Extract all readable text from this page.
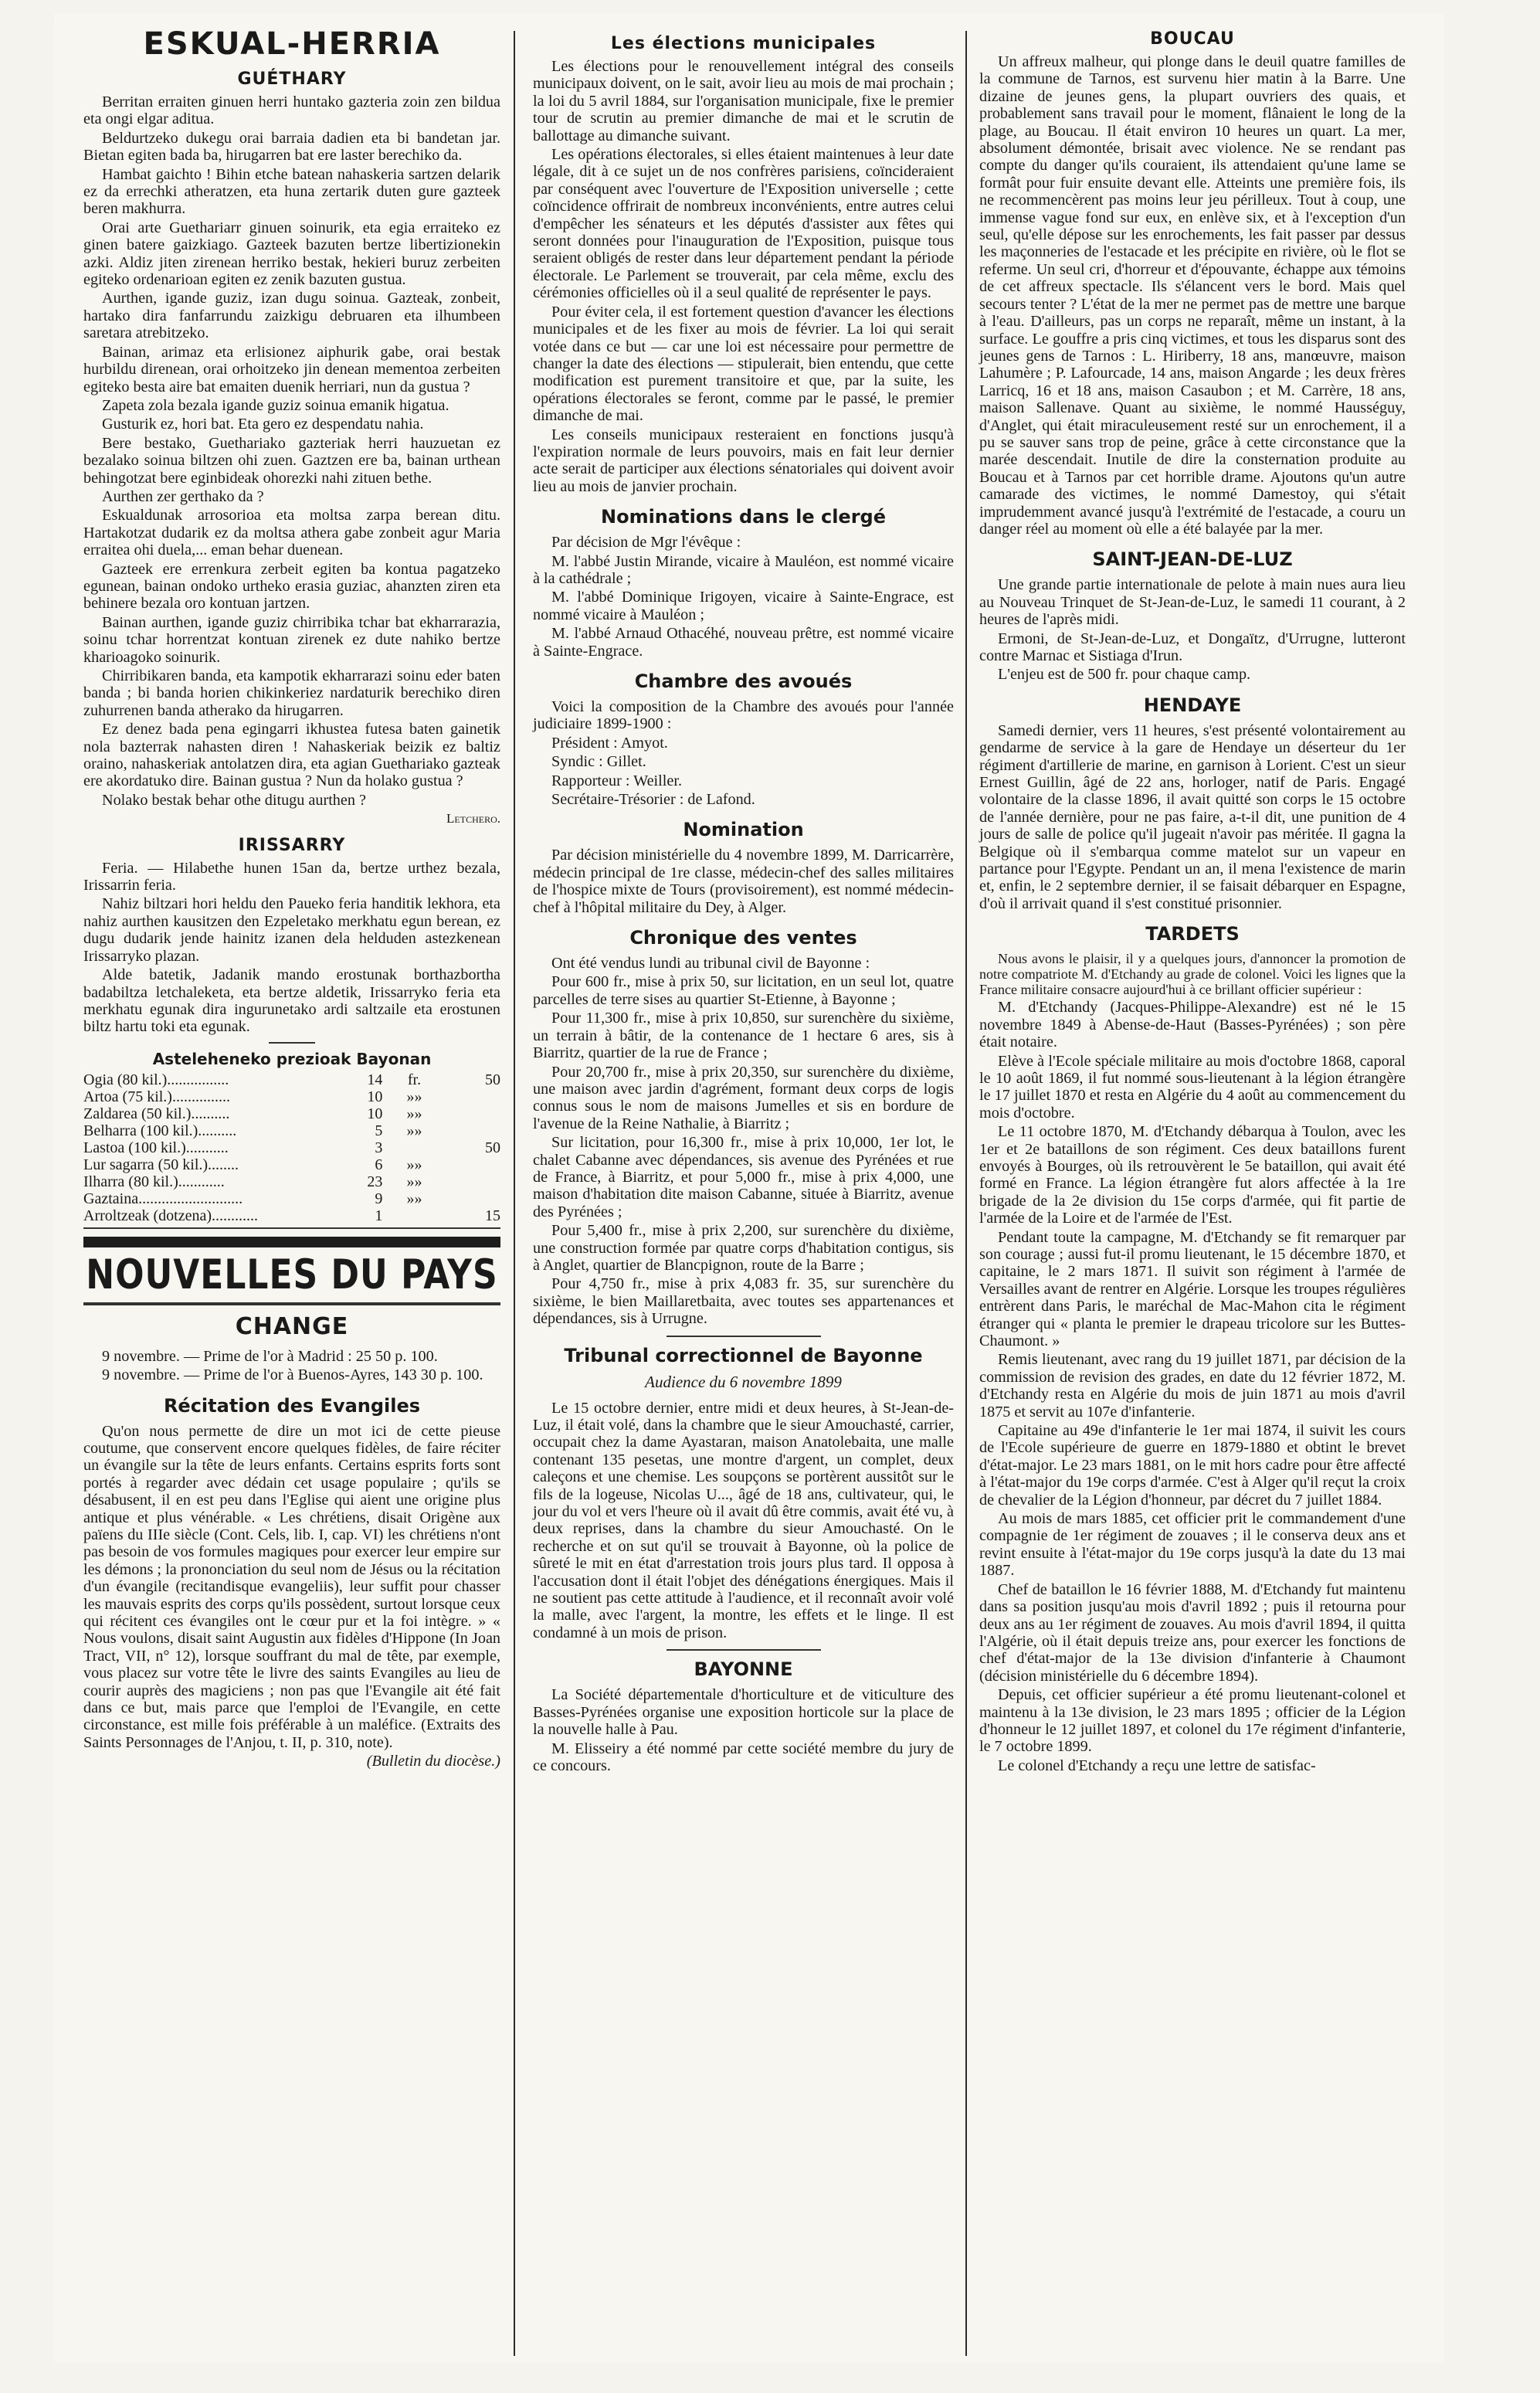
ESKUAL-HERRIA
GUÉTHARY

Berritan erraiten ginuen herri huntako gazteria zoin zen bildua eta ongi elgar aditua.

Beldurtzeko dukegu orai barraia dadien eta bi bandetan jar. Bietan egiten bada ba, hirugarren bat ere laster berechiko da.

Hambat gaichto ! Bihin etche batean nahaskeria sartzen delarik ez da errechki atheratzen, eta huna zertarik duten gure gazteek beren makhurra.

Orai arte Guethariarr ginuen soinurik, eta egia erraiteko ez ginen batere gaizkiago. Gazteek bazuten bertze libertizionekin azki. Aldiz jiten zirenean herriko bestak, hekieri buruz zerbeiten egiteko ordenarioan egiten ez zenik bazuten gustua.

Aurthen, igande guziz, izan dugu soinua. Gazteak, zonbeit, hartako dira fanfarrundu zaizkigu debruaren eta ilhumbeen saretara atrebitzeko.

Bainan, arimaz eta erlisionez aiphurik gabe, orai bestak hurbildu direnean, orai orhoitzeko jin denean mementoa zerbeiten egiteko besta aire bat emaiten duenik herriari, nun da gustua ?

Zapeta zola bezala igande guziz soinua emanik higatua.

Gusturik ez, hori bat. Eta gero ez despendatu nahia.

Bere bestako, Guethariako gazteriak herri hauzuetan ez bezalako soinua biltzen ohi zuen. Gaztzen ere ba, bainan urthean behingotzat bere eginbideak ohorezki nahi zituen bethe.

Aurthen zer gerthako da ?

Eskualdunak arrosorioa eta moltsa zarpa berean ditu. Hartakotzat dudarik ez da moltsa athera gabe zonbeit agur Maria erraitea ohi duela,... eman behar duenean.

Gazteek ere errenkura zerbeit egiten ba kontua pagatzeko egunean, bainan ondoko urtheko erasia guziac, ahanzten ziren eta behinere bezala oro kontuan jartzen.

Bainan aurthen, igande guziz chirribika tchar bat ekharrarazia, soinu tchar horrentzat kontuan zirenek ez dute nahiko bertze kharioagoko soinurik.

Chirribikaren banda, eta kampotik ekharrarazi soinu eder baten banda ; bi banda horien chikinkeriez nardaturik berechiko diren zuhurrenen banda atherako da hirugarren.

Ez denez bada pena egingarri ikhustea futesa baten gainetik nola bazterrak nahasten diren ! Nahaskeriak beizik ez baltiz oraino, nahaskeriak antolatzen dira, eta agian Guethariako gazteak ere akordatuko dire. Bainan gustua ? Nun da holako gustua ?

Nolako bestak behar othe ditugu aurthen ?

Letchero.

IRISSARRY

Feria. — Hilabethe hunen 15an da, bertze urthez bezala, Irissarrin feria.

Nahiz biltzari hori heldu den Paueko feria handitik lekhora, eta nahiz aurthen kausitzen den Ezpeletako merkhatu egun berean, ez dugu dudarik jende hainitz izanen dela helduden astezkenean Irissarryko plazan.

Alde batetik, Jadanik mando erostunak borthazbortha badabiltza letchaleketa, eta bertze aldetik, Irissarryko feria eta merkhatu egunak dira ingurunetako ardi saltzaile eta erostunen biltz hartu toki eta egunak.

Asteleheneko prezioak Bayonan
Ogia (80 kil.)................	14	fr.	50
Artoa (75 kil.)...............	10	»»	
Zaldarea (50 kil.)..........	10	»»	
Belharra (100 kil.)..........	5	»»	
Lastoa (100 kil.)...........	3		50
Lur sagarra (50 kil.)........	6	»»	
Ilharra (80 kil.)............	23	»»	
Gaztaina...........................	9	»»	
Arroltzeak (dotzena)............	1		15
NOUVELLES DU PAYS
CHANGE

9 novembre. — Prime de l'or à Madrid : 25 50 p. 100.

9 novembre. — Prime de l'or à Buenos-Ayres, 143 30 p. 100.

Récitation des Evangiles

Qu'on nous permette de dire un mot ici de cette pieuse coutume, que conservent encore quelques fidèles, de faire réciter un évangile sur la tête de leurs enfants. Certains esprits forts sont portés à regarder avec dédain cet usage populaire ; qu'ils se désabusent, il en est peu dans l'Eglise qui aient une origine plus antique et plus vénérable. « Les chrétiens, disait Origène aux païens du IIIe siècle (Cont. Cels, lib. I, cap. VI) les chrétiens n'ont pas besoin de vos formules magiques pour exercer leur empire sur les démons ; la prononciation du seul nom de Jésus ou la récitation d'un évangile (recitandisque evangeliis), leur suffit pour chasser les mauvais esprits des corps qu'ils possèdent, surtout lorsque ceux qui récitent ces évangiles ont le cœur pur et la foi intègre. » « Nous voulons, disait saint Augustin aux fidèles d'Hippone (In Joan Tract, VII, n° 12), lorsque souffrant du mal de tête, par exemple, vous placez sur votre tête le livre des saints Evangiles au lieu de courir auprès des magiciens ; non pas que l'Evangile ait été fait dans ce but, mais parce que l'emploi de l'Evangile, en cette circonstance, est mille fois préférable à un maléfice. (Extraits des Saints Personnages de l'Anjou, t. II, p. 310, note).

(Bulletin du diocèse.)

Les élections municipales

Les élections pour le renouvellement intégral des conseils municipaux doivent, on le sait, avoir lieu au mois de mai prochain ; la loi du 5 avril 1884, sur l'organisation municipale, fixe le premier tour de scrutin au premier dimanche de mai et le scrutin de ballottage au dimanche suivant.

Les opérations électorales, si elles étaient maintenues à leur date légale, dit à ce sujet un de nos confrères parisiens, coïncideraient par conséquent avec l'ouverture de l'Exposition universelle ; cette coïncidence offrirait de nombreux inconvénients, entre autres celui d'empêcher les sénateurs et les députés d'assister aux fêtes qui seront données pour l'inauguration de l'Exposition, puisque tous seraient obligés de rester dans leur département pendant la période électorale. Le Parlement se trouverait, par cela même, exclu des cérémonies officielles où il a seul qualité de représenter le pays.

Pour éviter cela, il est fortement question d'avancer les élections municipales et de les fixer au mois de février. La loi qui serait votée dans ce but — car une loi est nécessaire pour permettre de changer la date des élections — stipulerait, bien entendu, que cette modification est purement transitoire et que, par la suite, les opérations électorales se feront, comme par le passé, le premier dimanche de mai.

Les conseils municipaux resteraient en fonctions jusqu'à l'expiration normale de leurs pouvoirs, mais en fait leur dernier acte serait de participer aux élections sénatoriales qui doivent avoir lieu au mois de janvier prochain.

Nominations dans le clergé

Par décision de Mgr l'évêque :

M. l'abbé Justin Mirande, vicaire à Mauléon, est nommé vicaire à la cathédrale ;

M. l'abbé Dominique Irigoyen, vicaire à Sainte-Engrace, est nommé vicaire à Mauléon ;

M. l'abbé Arnaud Othacéhé, nouveau prêtre, est nommé vicaire à Sainte-Engrace.

Chambre des avoués

Voici la composition de la Chambre des avoués pour l'année judiciaire 1899-1900 :

Président : Amyot.

Syndic : Gillet.

Rapporteur : Weiller.

Secrétaire-Trésorier : de Lafond.

Nomination

Par décision ministérielle du 4 novembre 1899, M. Darricarrère, médecin principal de 1re classe, médecin-chef des salles militaires de l'hospice mixte de Tours (provisoirement), est nommé médecin-chef à l'hôpital militaire du Dey, à Alger.

Chronique des ventes

Ont été vendus lundi au tribunal civil de Bayonne :

Pour 600 fr., mise à prix 50, sur licitation, en un seul lot, quatre parcelles de terre sises au quartier St-Etienne, à Bayonne ;

Pour 11,300 fr., mise à prix 10,850, sur surenchère du sixième, un terrain à bâtir, de la contenance de 1 hectare 6 ares, sis à Biarritz, quartier de la rue de France ;

Pour 20,700 fr., mise à prix 20,350, sur surenchère du dixième, une maison avec jardin d'agrément, formant deux corps de logis connus sous le nom de maisons Jumelles et sis en bordure de l'avenue de la Reine Nathalie, à Biarritz ;

Sur licitation, pour 16,300 fr., mise à prix 10,000, 1er lot, le chalet Cabanne avec dépendances, sis avenue des Pyrénées et rue de France, à Biarritz, et pour 5,000 fr., mise à prix 4,000, une maison d'habitation dite maison Cabanne, située à Biarritz, avenue des Pyrénées ;

Pour 5,400 fr., mise à prix 2,200, sur surenchère du dixième, une construction formée par quatre corps d'habitation contigus, sis à Anglet, quartier de Blancpignon, route de la Barre ;

Pour 4,750 fr., mise à prix 4,083 fr. 35, sur surenchère du sixième, le bien Maillaretbaita, avec toutes ses appartenances et dépendances, sis à Urrugne.

Tribunal correctionnel de Bayonne
Audience du 6 novembre 1899

Le 15 octobre dernier, entre midi et deux heures, à St-Jean-de-Luz, il était volé, dans la chambre que le sieur Amouchasté, carrier, occupait chez la dame Ayastaran, maison Anatolebaita, une malle contenant 135 pesetas, une montre d'argent, un complet, deux caleçons et une chemise. Les soupçons se portèrent aussitôt sur le fils de la logeuse, Nicolas U..., âgé de 18 ans, cultivateur, qui, le jour du vol et vers l'heure où il avait dû être commis, avait été vu, à deux reprises, dans la chambre du sieur Amouchasté. On le recherche et on sut qu'il se trouvait à Bayonne, où la police de sûreté le mit en état d'arrestation trois jours plus tard. Il opposa à l'accusation dont il était l'objet des dénégations énergiques. Mais il ne soutient pas cette attitude à l'audience, et il reconnaît avoir volé la malle, avec l'argent, la montre, les effets et le linge. Il est condamné à un mois de prison.

BAYONNE

La Société départementale d'horticulture et de viticulture des Basses-Pyrénées organise une exposition horticole sur la place de la nouvelle halle à Pau.

M. Elisseiry a été nommé par cette société membre du jury de ce concours.

BOUCAU

Un affreux malheur, qui plonge dans le deuil quatre familles de la commune de Tarnos, est survenu hier matin à la Barre. Une dizaine de jeunes gens, la plupart ouvriers des quais, et probablement sans travail pour le moment, flânaient le long de la plage, au Boucau. Il était environ 10 heures un quart. La mer, absolument démontée, brisait avec violence. Ne se rendant pas compte du danger qu'ils couraient, ils attendaient qu'une lame se formât pour fuir ensuite devant elle. Atteints une première fois, ils ne recommencèrent pas moins leur jeu périlleux. Tout à coup, une immense vague fond sur eux, en enlève six, et à l'exception d'un seul, qu'elle dépose sur les enrochements, les fait passer par dessus les maçonneries de l'estacade et les précipite en rivière, où le flot se referme. Un seul cri, d'horreur et d'épouvante, échappe aux témoins de cet affreux spectacle. Ils s'élancent vers le bord. Mais quel secours tenter ? L'état de la mer ne permet pas de mettre une barque à l'eau. D'ailleurs, pas un corps ne reparaît, même un instant, à la surface. Le gouffre a pris cinq victimes, et tous les disparus sont des jeunes gens de Tarnos : L. Hiriberry, 18 ans, manœuvre, maison Lahumère ; P. Lafourcade, 14 ans, maison Angarde ; les deux frères Larricq, 16 et 18 ans, maison Casaubon ; et M. Carrère, 18 ans, maison Sallenave. Quant au sixième, le nommé Hausséguy, d'Anglet, qui était miraculeusement resté sur un enrochement, il a pu se sauver sans trop de peine, grâce à cette circonstance que la marée descendait. Inutile de dire la consternation produite au Boucau et à Tarnos par cet horrible drame. Ajoutons qu'un autre camarade des victimes, le nommé Damestoy, qui s'était imprudemment avancé jusqu'à l'extrémité de l'estacade, a couru un danger réel au moment où elle a été balayée par la mer.

SAINT-JEAN-DE-LUZ

Une grande partie internationale de pelote à main nues aura lieu au Nouveau Trinquet de St-Jean-de-Luz, le samedi 11 courant, à 2 heures de l'après midi.

Ermoni, de St-Jean-de-Luz, et Dongaïtz, d'Urrugne, lutteront contre Marnac et Sistiaga d'Irun.

L'enjeu est de 500 fr. pour chaque camp.

HENDAYE

Samedi dernier, vers 11 heures, s'est présenté volontairement au gendarme de service à la gare de Hendaye un déserteur du 1er régiment d'artillerie de marine, en garnison à Lorient. C'est un sieur Ernest Guillin, âgé de 22 ans, horloger, natif de Paris. Engagé volontaire de la classe 1896, il avait quitté son corps le 15 octobre de l'année dernière, pour ne pas faire, a-t-il dit, une punition de 4 jours de salle de police qu'il jugeait n'avoir pas méritée. Il gagna la Belgique où il s'embarqua comme matelot sur un vapeur en partance pour l'Egypte. Pendant un an, il mena l'existence de marin et, enfin, le 2 septembre dernier, il se faisait débarquer en Espagne, d'où il arrivait quand il s'est constitué prisonnier.

TARDETS

Nous avons le plaisir, il y a quelques jours, d'annoncer la promotion de notre compatriote M. d'Etchandy au grade de colonel. Voici les lignes que la France militaire consacre aujourd'hui à ce brillant officier supérieur :

M. d'Etchandy (Jacques-Philippe-Alexandre) est né le 15 novembre 1849 à Abense-de-Haut (Basses-Pyrénées) ; son père était notaire.

Elève à l'Ecole spéciale militaire au mois d'octobre 1868, caporal le 10 août 1869, il fut nommé sous-lieutenant à la légion étrangère le 17 juillet 1870 et resta en Algérie du 4 août au commencement du mois d'octobre.

Le 11 octobre 1870, M. d'Etchandy débarqua à Toulon, avec les 1er et 2e bataillons de son régiment. Ces deux bataillons furent envoyés à Bourges, où ils retrouvèrent le 5e bataillon, qui avait été formé en France. La légion étrangère fut alors affectée à la 1re brigade de la 2e division du 15e corps d'armée, qui fit partie de l'armée de la Loire et de l'armée de l'Est.

Pendant toute la campagne, M. d'Etchandy se fit remarquer par son courage ; aussi fut-il promu lieutenant, le 15 décembre 1870, et capitaine, le 2 mars 1871. Il suivit son régiment à l'armée de Versailles avant de rentrer en Algérie. Lorsque les troupes régulières entrèrent dans Paris, le maréchal de Mac-Mahon cita le régiment étranger qui « planta le premier le drapeau tricolore sur les Buttes-Chaumont. »

Remis lieutenant, avec rang du 19 juillet 1871, par décision de la commission de revision des grades, en date du 12 février 1872, M. d'Etchandy resta en Algérie du mois de juin 1871 au mois d'avril 1875 et servit au 107e d'infanterie.

Capitaine au 49e d'infanterie le 1er mai 1874, il suivit les cours de l'Ecole supérieure de guerre en 1879-1880 et obtint le brevet d'état-major. Le 23 mars 1881, on le mit hors cadre pour être affecté à l'état-major du 19e corps d'armée. C'est à Alger qu'il reçut la croix de chevalier de la Légion d'honneur, par décret du 7 juillet 1884.

Au mois de mars 1885, cet officier prit le commandement d'une compagnie de 1er régiment de zouaves ; il le conserva deux ans et revint ensuite à l'état-major du 19e corps jusqu'à la date du 13 mai 1887.

Chef de bataillon le 16 février 1888, M. d'Etchandy fut maintenu dans sa position jusqu'au mois d'avril 1892 ; puis il retourna pour deux ans au 1er régiment de zouaves. Au mois d'avril 1894, il quitta l'Algérie, où il était depuis treize ans, pour exercer les fonctions de chef d'état-major de la 13e division d'infanterie à Chaumont (décision ministérielle du 6 décembre 1894).

Depuis, cet officier supérieur a été promu lieutenant-colonel et maintenu à la 13e division, le 23 mars 1895 ; officier de la Légion d'honneur le 12 juillet 1897, et colonel du 17e régiment d'infanterie, le 7 octobre 1899.

Le colonel d'Etchandy a reçu une lettre de satisfac-
